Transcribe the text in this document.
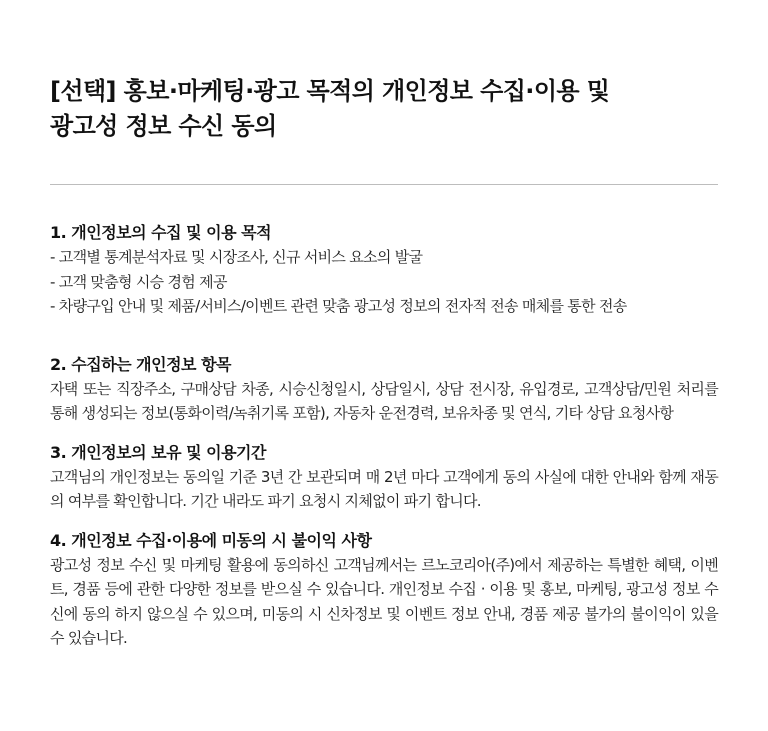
[선택] 홍보·마케팅·광고 목적의 개인정보 수집·이용 및
광고성 정보 수신 동의
1. 개인정보의 수집 및 이용 목적

- 고객별 통계분석자료 및 시장조사, 신규 서비스 요소의 발굴

- 고객 맞춤형 시승 경험 제공

- 차량구입 안내 및 제품/서비스/이벤트 관련 맞춤 광고성 정보의 전자적 전송 매체를 통한 전송

2. 수집하는 개인정보 항목

자택 또는 직장주소, 구매상담 차종, 시승신청일시, 상담일시, 상담 전시장, 유입경로, 고객상담/민원 처리를 통해 생성되는 정보(통화이력/녹취기록 포함), 자동차 운전경력, 보유차종 및 연식, 기타 상담 요청사항

3. 개인정보의 보유 및 이용기간

고객님의 개인정보는 동의일 기준 3년 간 보관되며 매 2년 마다 고객에게 동의 사실에 대한 안내와 함께 재동의 여부를 확인합니다. 기간 내라도 파기 요청시 지체없이 파기 합니다.

4. 개인정보 수집·이용에 미동의 시 불이익 사항

광고성 정보 수신 및 마케팅 활용에 동의하신 고객님께서는 르노코리아(주)에서 제공하는 특별한 혜택, 이벤트, 경품 등에 관한 다양한 정보를 받으실 수 있습니다. 개인정보 수집 · 이용 및 홍보, 마케팅, 광고성 정보 수신에 동의 하지 않으실 수 있으며, 미동의 시 신차정보 및 이벤트 정보 안내, 경품 제공 불가의 불이익이 있을 수 있습니다.
